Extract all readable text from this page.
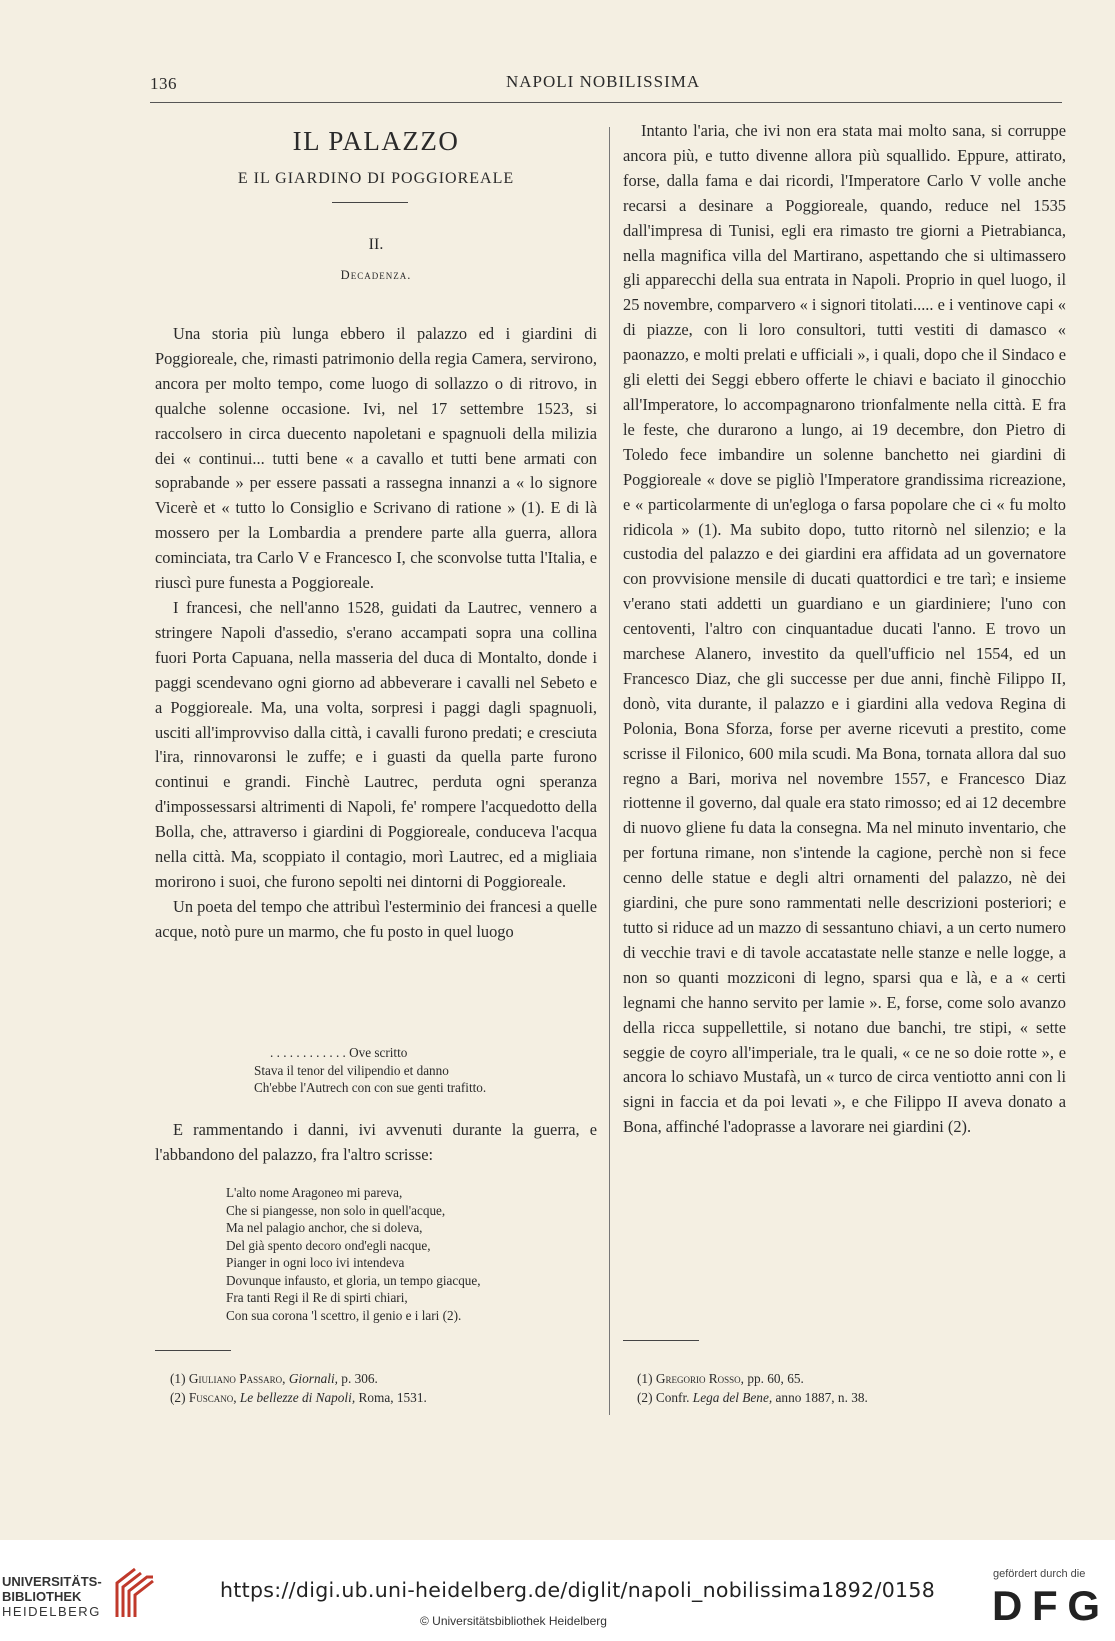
136	NAPOLI NOBILISSIMA
IL PALAZZO
E IL GIARDINO DI POGGIOREALE
II.
Decadenza.

Una storia più lunga ebbero il palazzo ed i giardini di Poggioreale, che, rimasti patrimonio della regia Camera, servirono, ancora per molto tempo, come luogo di sollazzo o di ritrovo, in qualche solenne occasione. Ivi, nel 17 settembre 1523, si raccolsero in circa duecento napoletani e spagnuoli della milizia dei « continui... tutti bene « a cavallo et tutti bene armati con soprabande » per essere passati a rassegna innanzi a « lo signore Vicerè et « tutto lo Consiglio e Scrivano di ratione » (1). E di là mossero per la Lombardia a prendere parte alla guerra, allora cominciata, tra Carlo V e Francesco I, che sconvolse tutta l'Italia, e riuscì pure funesta a Poggioreale.

I francesi, che nell'anno 1528, guidati da Lautrec, vennero a stringere Napoli d'assedio, s'erano accampati sopra una collina fuori Porta Capuana, nella masseria del duca di Montalto, donde i paggi scendevano ogni giorno ad abbeverare i cavalli nel Sebeto e a Poggioreale. Ma, una volta, sorpresi i paggi dagli spagnuoli, usciti all'improvviso dalla città, i cavalli furono predati; e cresciuta l'ira, rinnovaronsi le zuffe; e i guasti da quella parte furono continui e grandi. Finchè Lautrec, perduta ogni speranza d'impossessarsi altrimenti di Napoli, fe' rompere l'acquedotto della Bolla, che, attraverso i giardini di Poggioreale, conduceva l'acqua nella città. Ma, scoppiato il contagio, morì Lautrec, ed a migliaia morirono i suoi, che furono sepolti nei dintorni di Poggioreale.

Un poeta del tempo che attribuì l'esterminio dei francesi a quelle acque, notò pure un marmo, che fu posto in quel luogo

. . . . . . . . . . . . Ove scritto
Stava il tenor del vilipendio et danno
Ch'ebbe l'Autrech con con sue genti trafitto.

E rammentando i danni, ivi avvenuti durante la guerra, e l'abbandono del palazzo, fra l'altro scrisse:

L'alto nome Aragoneo mi pareva,
Che si piangesse, non solo in quell'acque,
Ma nel palagio anchor, che si doleva,
Del già spento decoro ond'egli nacque,
Pianger in ogni loco ivi intendeva
Dovunque infausto, et gloria, un tempo giacque,
Fra tanti Regi il Re di spirti chiari,
Con sua corona 'l scettro, il genio e i lari (2).
(1) Giuliano Passaro, Giornali, p. 306.
(2) Fuscano, Le bellezze di Napoli, Roma, 1531.

Intanto l'aria, che ivi non era stata mai molto sana, si corruppe ancora più, e tutto divenne allora più squallido. Eppure, attirato, forse, dalla fama e dai ricordi, l'Imperatore Carlo V volle anche recarsi a desinare a Poggioreale, quando, reduce nel 1535 dall'impresa di Tunisi, egli era rimasto tre giorni a Pietrabianca, nella magnifica villa del Martirano, aspettando che si ultimassero gli apparecchi della sua entrata in Napoli. Proprio in quel luogo, il 25 novembre, comparvero « i signori titolati..... e i ventinove capi « di piazze, con li loro consultori, tutti vestiti di damasco « paonazzo, e molti prelati e ufficiali », i quali, dopo che il Sindaco e gli eletti dei Seggi ebbero offerte le chiavi e baciato il ginocchio all'Imperatore, lo accompagnarono trionfalmente nella città. E fra le feste, che durarono a lungo, ai 19 decembre, don Pietro di Toledo fece imbandire un solenne banchetto nei giardini di Poggioreale « dove se pigliò l'Imperatore grandissima ricreazione, e « particolarmente di un'egloga o farsa popolare che ci « fu molto ridicola » (1). Ma subito dopo, tutto ritornò nel silenzio; e la custodia del palazzo e dei giardini era affidata ad un governatore con provvisione mensile di ducati quattordici e tre tarì; e insieme v'erano stati addetti un guardiano e un giardiniere; l'uno con centoventi, l'altro con cinquantadue ducati l'anno. E trovo un marchese Alanero, investito da quell'ufficio nel 1554, ed un Francesco Diaz, che gli successe per due anni, finchè Filippo II, donò, vita durante, il palazzo e i giardini alla vedova Regina di Polonia, Bona Sforza, forse per averne ricevuti a prestito, come scrisse il Filonico, 600 mila scudi. Ma Bona, tornata allora dal suo regno a Bari, moriva nel novembre 1557, e Francesco Diaz riottenne il governo, dal quale era stato rimosso; ed ai 12 decembre di nuovo gliene fu data la consegna. Ma nel minuto inventario, che per fortuna rimane, non s'intende la cagione, perchè non si fece cenno delle statue e degli altri ornamenti del palazzo, nè dei giardini, che pure sono rammentati nelle descrizioni posteriori; e tutto si riduce ad un mazzo di sessantuno chiavi, a un certo numero di vecchie travi e di tavole accatastate nelle stanze e nelle logge, a non so quanti mozziconi di legno, sparsi qua e là, e a « certi legnami che hanno servito per lamie ». E, forse, come solo avanzo della ricca suppellettile, si notano due banchi, tre stipi, « sette seggie de coyro all'imperiale, tra le quali, « ce ne so doie rotte », e ancora lo schiavo Mustafà, un « turco de circa ventiotto anni con li signi in faccia et da poi levati », e che Filippo II aveva donato a Bona, affinché l'adoprasse a lavorare nei giardini (2).

(1) Gregorio Rosso, pp. 60, 65.
(2) Confr. Lega del Bene, anno 1887, n. 38.
UNIVERSITÄTS-
BIBLIOTHEK
HEIDELBERG
https://digi.ub.uni-heidelberg.de/diglit/napoli_nobilissima1892/0158
© Universitätsbibliothek Heidelberg
gefördert durch die
DFG
